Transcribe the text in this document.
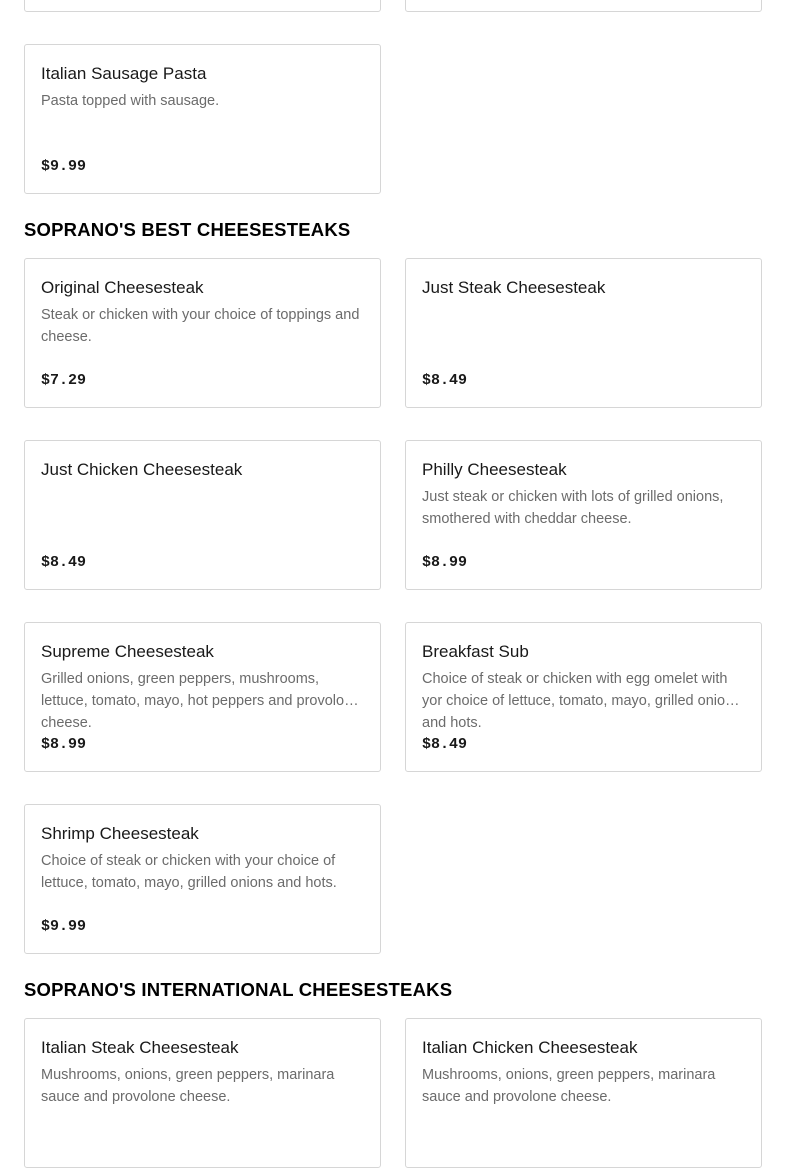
Italian Sausage Pasta
Pasta topped with sausage.
$9.99
SOPRANO'S BEST CHEESESTEAKS
Original Cheesesteak
Steak or chicken with your choice of toppings and cheese.
$7.29
Just Steak Cheesesteak
$8.49
Just Chicken Cheesesteak
$8.49
Philly Cheesesteak
Just steak or chicken with lots of grilled onions, smothered with cheddar cheese.
$8.99
Supreme Cheesesteak
Grilled onions, green peppers, mushrooms, lettuce, tomato, mayo, hot peppers and provolone cheese.
$8.99
Breakfast Sub
Choice of steak or chicken with egg omelet with yor choice of lettuce, tomato, mayo, grilled onions and hots.
$8.49
Shrimp Cheesesteak
Choice of steak or chicken with your choice of lettuce, tomato, mayo, grilled onions and hots.
$9.99
SOPRANO'S INTERNATIONAL CHEESESTEAKS
Italian Steak Cheesesteak
Mushrooms, onions, green peppers, marinara sauce and provolone cheese.
Italian Chicken Cheesesteak
Mushrooms, onions, green peppers, marinara sauce and provolone cheese.
